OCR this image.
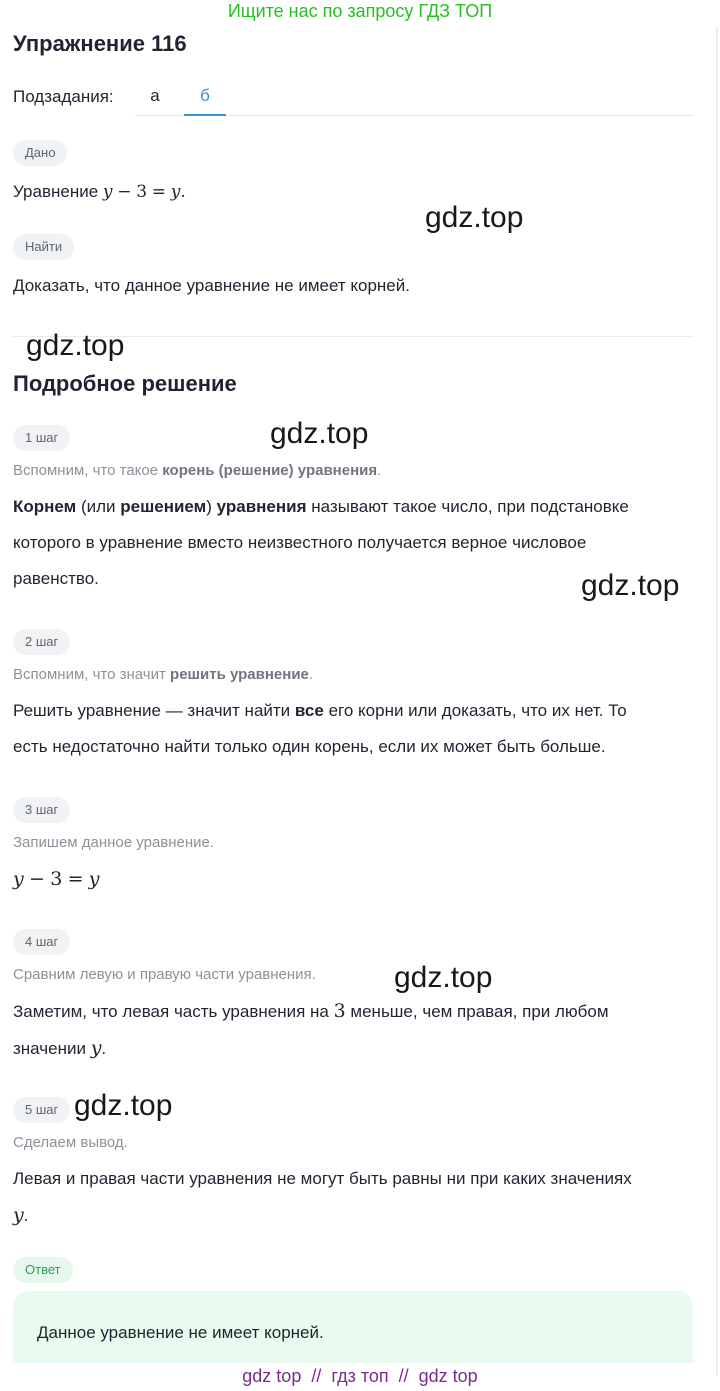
Ищите нас по запросу ГДЗ ТОП
Упражнение 116
Подзадания:	а	б
Дано
Уравнение y − 3 = y.
Найти
Доказать, что данное уравнение не имеет корней.
Подробное решение
1 шаг
Вспомним, что такое корень (решение) уравнения.
Корнем (или решением) уравнения называют такое число, при подстановке
которого в уравнение вместо неизвестного получается верное числовое
равенство.
2 шаг
Вспомним, что значит решить уравнение.
Решить уравнение — значит найти все его корни или доказать, что их нет. То
есть недостаточно найти только один корень, если их может быть больше.
3 шаг
Запишем данное уравнение.
y − 3 = y
4 шаг
Сравним левую и правую части уравнения.
Заметим, что левая часть уравнения на 3 меньше, чем правая, при любом
значении y.
5 шаг
Сделаем вывод.
Левая и правая части уравнения не могут быть равны ни при каких значениях
y.
Ответ
Данное уравнение не имеет корней.
gdz.top
gdz.top
gdz.top
gdz.top
gdz.top
gdz.top
gdz top  //  гдз топ  //  gdz top
